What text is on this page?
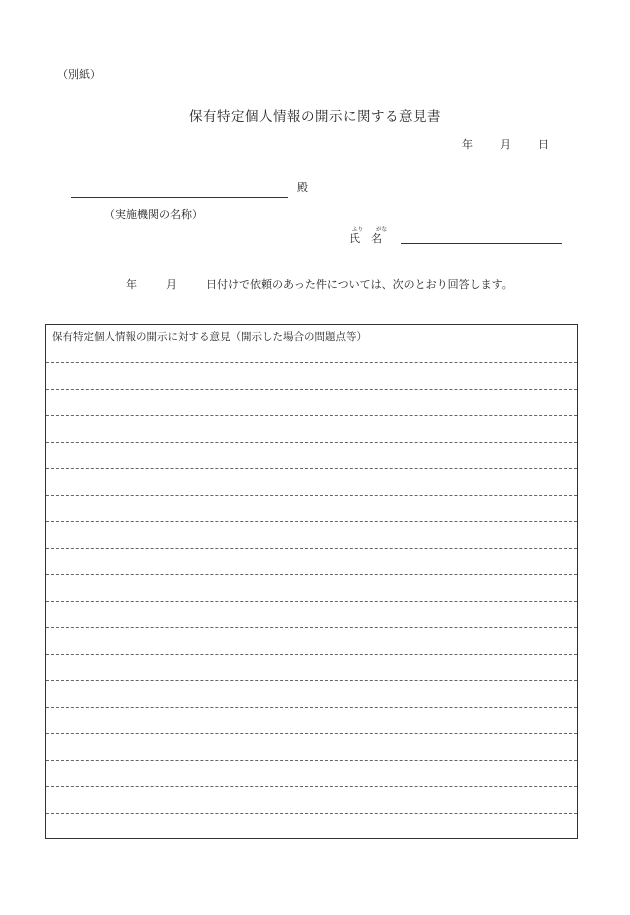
（別紙）
保有特定個人情報の開示に関する意見書
年 月 日
殿
（実施機関の名称）
ふり がな
氏　名
年	月	日付けで依頼のあった件については、次のとおり回答します。
保有特定個人情報の開示に対する意見（開示した場合の問題点等）
